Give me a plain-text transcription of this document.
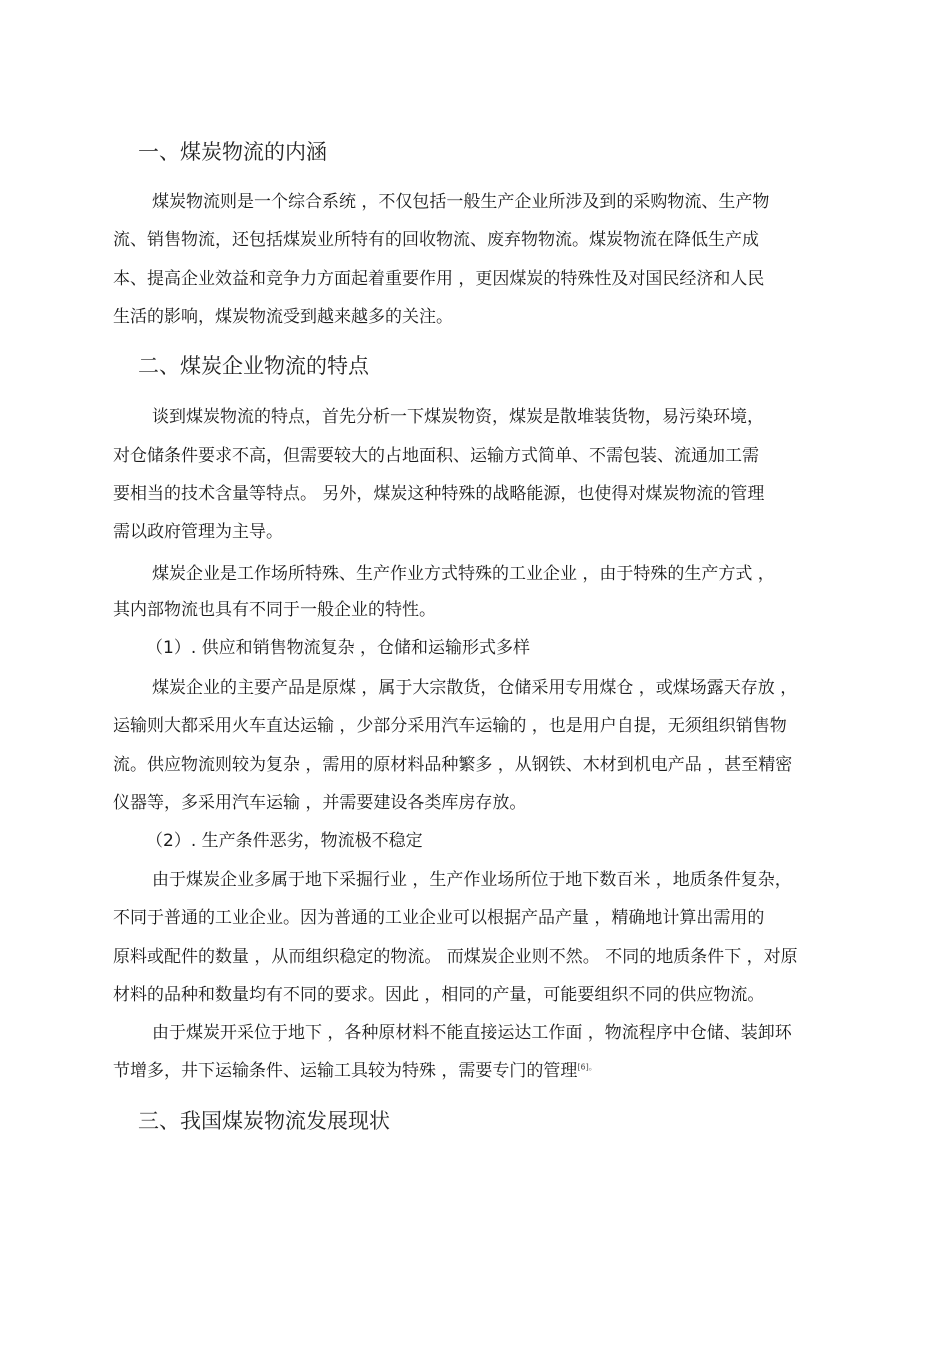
一、煤炭物流的内涵
煤炭物流则是一个综合系统 ，不仅包括一般生产企业所涉及到的采购物流、生产物
流、销售物流，还包括煤炭业所特有的回收物流、废弃物物流。煤炭物流在降低生产成
本、提高企业效益和竞争力方面起着重要作用 ，更因煤炭的特殊性及对国民经济和人民
生活的影响，煤炭物流受到越来越多的关注。
二、煤炭企业物流的特点
谈到煤炭物流的特点，首先分析一下煤炭物资，煤炭是散堆装货物，易污染环境，
对仓储条件要求不高，但需要较大的占地面积、运输方式简单、不需包装、流通加工需
要相当的技术含量等特点。 另外，煤炭这种特殊的战略能源，也使得对煤炭物流的管理
需以政府管理为主导。
煤炭企业是工作场所特殊、生产作业方式特殊的工业企业 ，由于特殊的生产方式 ，
其内部物流也具有不同于一般企业的特性。
（1）. 供应和销售物流复杂 ，仓储和运输形式多样
煤炭企业的主要产品是原煤 ，属于大宗散货，仓储采用专用煤仓 ，或煤场露天存放 ，
运输则大都采用火车直达运输 ，少部分采用汽车运输的 ，也是用户自提，无须组织销售物
流。供应物流则较为复杂 ，需用的原材料品种繁多 ，从钢铁、木材到机电产品 ，甚至精密
仪器等，多采用汽车运输 ，并需要建设各类库房存放。
（2）. 生产条件恶劣，物流极不稳定
由于煤炭企业多属于地下采掘行业 ，生产作业场所位于地下数百米 ，地质条件复杂，
不同于普通的工业企业。因为普通的工业企业可以根据产品产量 ，精确地计算出需用的
原料或配件的数量 ，从而组织稳定的物流。 而煤炭企业则不然。 不同的地质条件下 ，对原
材料的品种和数量均有不同的要求。因此 ，相同的产量，可能要组织不同的供应物流。
由于煤炭开采位于地下 ，各种原材料不能直接运达工作面 ，物流程序中仓储、装卸环
节增多，井下运输条件、运输工具较为特殊 ，需要专门的管理$^{[6]。}$
三、我国煤炭物流发展现状
